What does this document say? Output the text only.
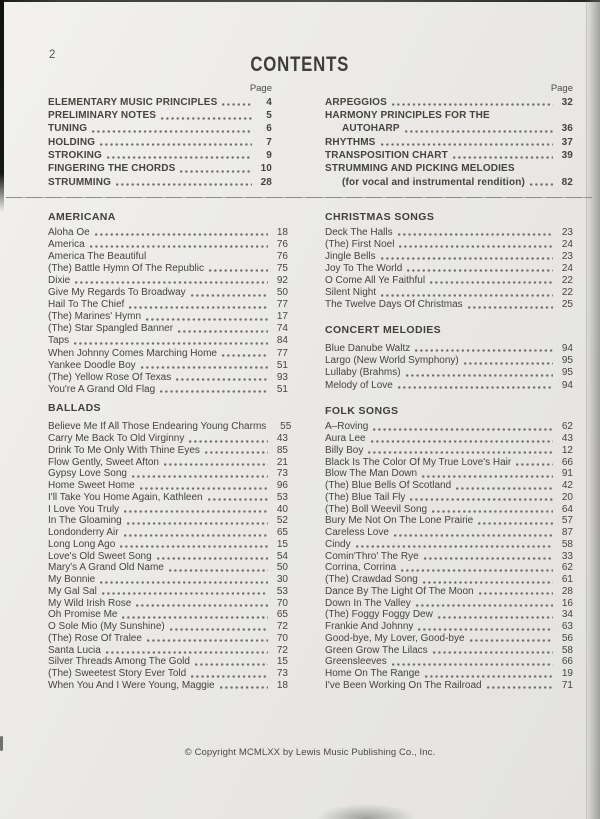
2	CONTENTS
Page	Page
ELEMENTARY MUSIC PRINCIPLES	4
PRELIMINARY NOTES	5
TUNING	6
HOLDING	7
STROKING	9
FINGERING THE CHORDS	10
STRUMMING	28
ARPEGGIOS	32
HARMONY PRINCIPLES FOR THE
AUTOHARP	36
RHYTHMS	37
TRANSPOSITION CHART	39
STRUMMING AND PICKING MELODIES
(for vocal and instrumental rendition)	82
AMERICANA	CHRISTMAS SONGS
CONCERT MELODIES
BALLADS	FOLK SONGS
Aloha Oe	18
America	76
America The Beautiful	76
(The) Battle Hymn Of The Republic	75
Dixie	92
Give My Regards To Broadway	50
Hail To The Chief	77
(The) Marines' Hymn	17
(The) Star Spangled Banner	74
Taps	84
When Johnny Comes Marching Home	77
Yankee Doodle Boy	51
(The) Yellow Rose Of Texas	93
You're A Grand Old Flag	51
Deck The Halls	23
(The) First Noel	24
Jingle Bells	23
Joy To The World	24
O Come All Ye Faithful	22
Silent Night	22
The Twelve Days Of Christmas	25
Blue Danube Waltz	94
Largo (New World Symphony)	95
Lullaby (Brahms)	95
Melody of Love	94
Believe Me If All Those Endearing Young Charms	55
Carry Me Back To Old Virginny	43
Drink To Me Only With Thine Eyes	85
Flow Gently, Sweet Afton	21
Gypsy Love Song	73
Home Sweet Home	96
I'll Take You Home Again, Kathleen	53
I Love You Truly	40
In The Gloaming	52
Londonderry Air	65
Long Long Ago	15
Love's Old Sweet Song	54
Mary's A Grand Old Name	50
My Bonnie	30
My Gal Sal	53
My Wild Irish Rose	70
Oh Promise Me	65
O Sole Mio (My Sunshine)	72
(The) Rose Of Tralee	70
Santa Lucia	72
Silver Threads Among The Gold	15
(The) Sweetest Story Ever Told	73
When You And I Were Young, Maggie	18
A–Roving	62
Aura Lee	43
Billy Boy	12
Black Is The Color Of My True Love's Hair	66
Blow The Man Down	91
(The) Blue Bells Of Scotland	42
(The) Blue Tail Fly	20
(The) Boll Weevil Song	64
Bury Me Not On The Lone Prairie	57
Careless Love	87
Cindy	58
Comin'Thro' The Rye	33
Corrina, Corrina	62
(The) Crawdad Song	61
Dance By The Light Of The Moon	28
Down In The Valley	16
(The) Foggy Foggy Dew	34
Frankie And Johnny	63
Good-bye, My Lover, Good-bye	56
Green Grow The Lilacs	58
Greensleeves	66
Home On The Range	19
I've Been Working On The Railroad	71
© Copyright MCMLXX by Lewis Music Publishing Co., Inc.
